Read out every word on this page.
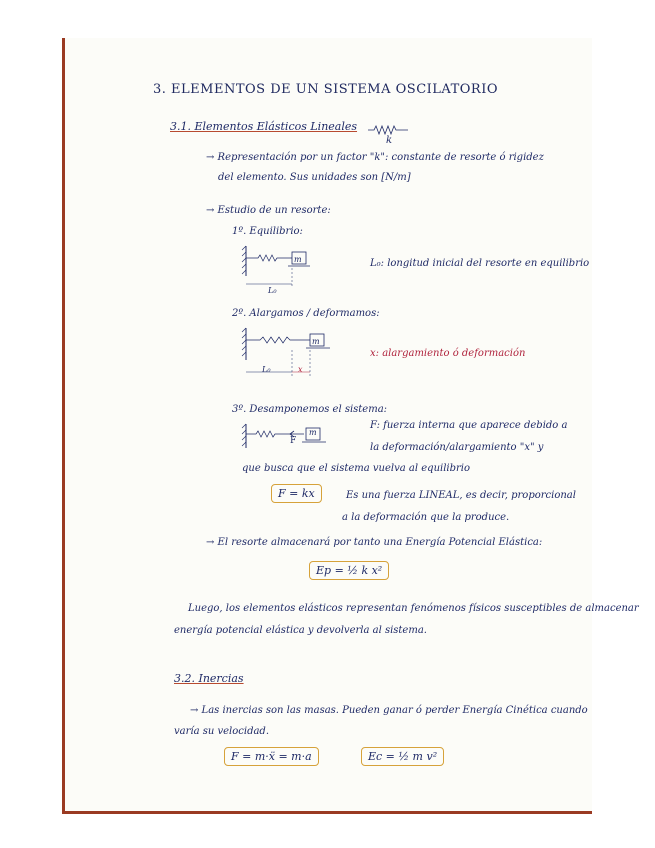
3. ELEMENTOS DE UN SISTEMA OSCILATORIO
3.1. Elementos Elásticos Lineales
k
→ Representación por un factor "k": constante de resorte ó rigidez
del elemento. Sus unidades son [N/m]
→ Estudio de un resorte:
1º. Equilibrio:
m
L₀
L₀: longitud inicial del resorte en equilibrio
2º. Alargamos / deformamos:
m
L₀	x
x: alargamiento ó deformación
3º. Desamponemos el sistema:
F
m
F: fuerza interna que aparece debido a
la deformación/alargamiento "x" y
que busca que el sistema vuelva al equilibrio
F = kx	Es una fuerza LINEAL, es decir, proporcional
a la deformación que la produce.
→ El resorte almacenará por tanto una Energía Potencial Elástica:
Ep = ½ k x²
Luego, los elementos elásticos representan fenómenos físicos susceptibles de almacenar
energía potencial elástica y devolverla al sistema.
3.2. Inercias
→ Las inercias son las masas. Pueden ganar ó perder Energía Cinética cuando
varía su velocidad.
F = m·ẍ = m·a	Ec = ½ m v²
